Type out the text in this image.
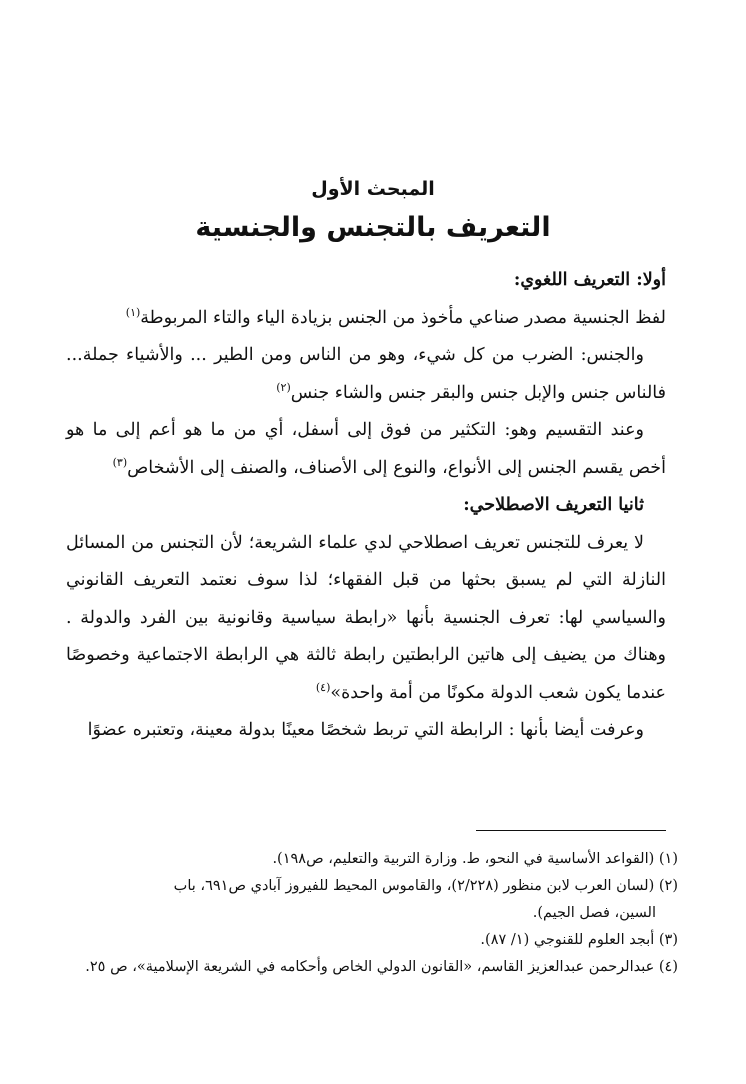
المبحث الأول
التعريف بالتجنس والجنسية

أولا: التعريف اللغوي:

لفظ الجنسية مصدر صناعي مأخوذ من الجنس بزيادة الياء والتاء المربوطة$^{(١)}$

والجنس: الضرب من كل شيء، وهو من الناس ومن الطير ... والأشياء جملة... فالناس جنس والإبل جنس والبقر جنس والشاء جنس$^{(٢)}$

وعند التقسيم وهو: التكثير من فوق إلى أسفل، أي من ما هو أعم إلى ما هو أخص يقسم الجنس إلى الأنواع، والنوع إلى الأصناف، والصنف إلى الأشخاص$^{(٣)}$

ثانيا التعريف الاصطلاحي:

لا يعرف للتجنس تعريف اصطلاحي لدي علماء الشريعة؛ لأن التجنس من المسائل النازلة التي لم يسبق بحثها من قبل الفقهاء؛ لذا سوف نعتمد التعريف القانوني والسياسي لها: تعرف الجنسية بأنها «رابطة سياسية وقانونية بين الفرد والدولة . وهناك من يضيف إلى هاتين الرابطتين رابطة ثالثة هي الرابطة الاجتماعية وخصوصًا عندما يكون شعب الدولة مكونًا من أمة واحدة»$^{(٤)}$

وعرفت أيضا بأنها : الرابطة التي تربط شخصًا معينًا بدولة معينة، وتعتبره عضوًا

(١) (القواعد الأساسية في النحو، ط. وزارة التربية والتعليم، ص١٩٨).

(٢) (لسان العرب لابن منظور (٢/٢٢٨)، والقاموس المحيط للفيروز آبادي ص٦٩١، باب

السين، فصل الجيم).

(٣) أبجد العلوم للقنوجي (١/ ٨٧).

(٤) عبدالرحمن عبدالعزيز القاسم، «القانون الدولي الخاص وأحكامه في الشريعة الإسلامية»، ص ٢٥.
